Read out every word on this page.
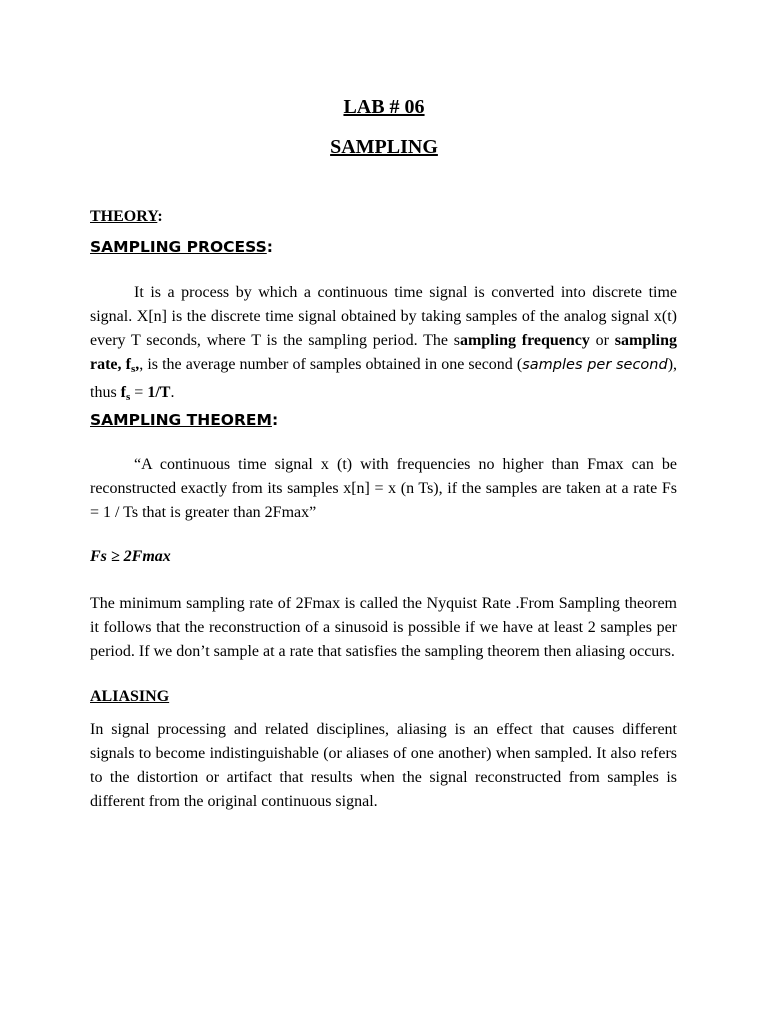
LAB # 06
SAMPLING
THEORY:
SAMPLING PROCESS:
It is a process by which a continuous time signal is converted into discrete time signal. X[n] is the discrete time signal obtained by taking samples of the analog signal x(t) every T seconds, where T is the sampling period. The sampling frequency or sampling rate, $f_s$,, is the average number of samples obtained in one second (samples per second), thus $f_s = 1/T$.
SAMPLING THEOREM:
“A continuous time signal x (t) with frequencies no higher than Fmax can be reconstructed exactly from its samples x[n] = x (n Ts), if the samples are taken at a rate Fs = 1 / Ts that is greater than 2Fmax”
Fs ≥ 2Fmax
The minimum sampling rate of 2Fmax is called the Nyquist Rate .From Sampling theorem it follows that the reconstruction of a sinusoid is possible if we have at least 2 samples per period. If we don’t sample at a rate that satisfies the sampling theorem then aliasing occurs.
ALIASING
In signal processing and related disciplines, aliasing is an effect that causes different signals to become indistinguishable (or aliases of one another) when sampled. It also refers to the distortion or artifact that results when the signal reconstructed from samples is different from the original continuous signal.
